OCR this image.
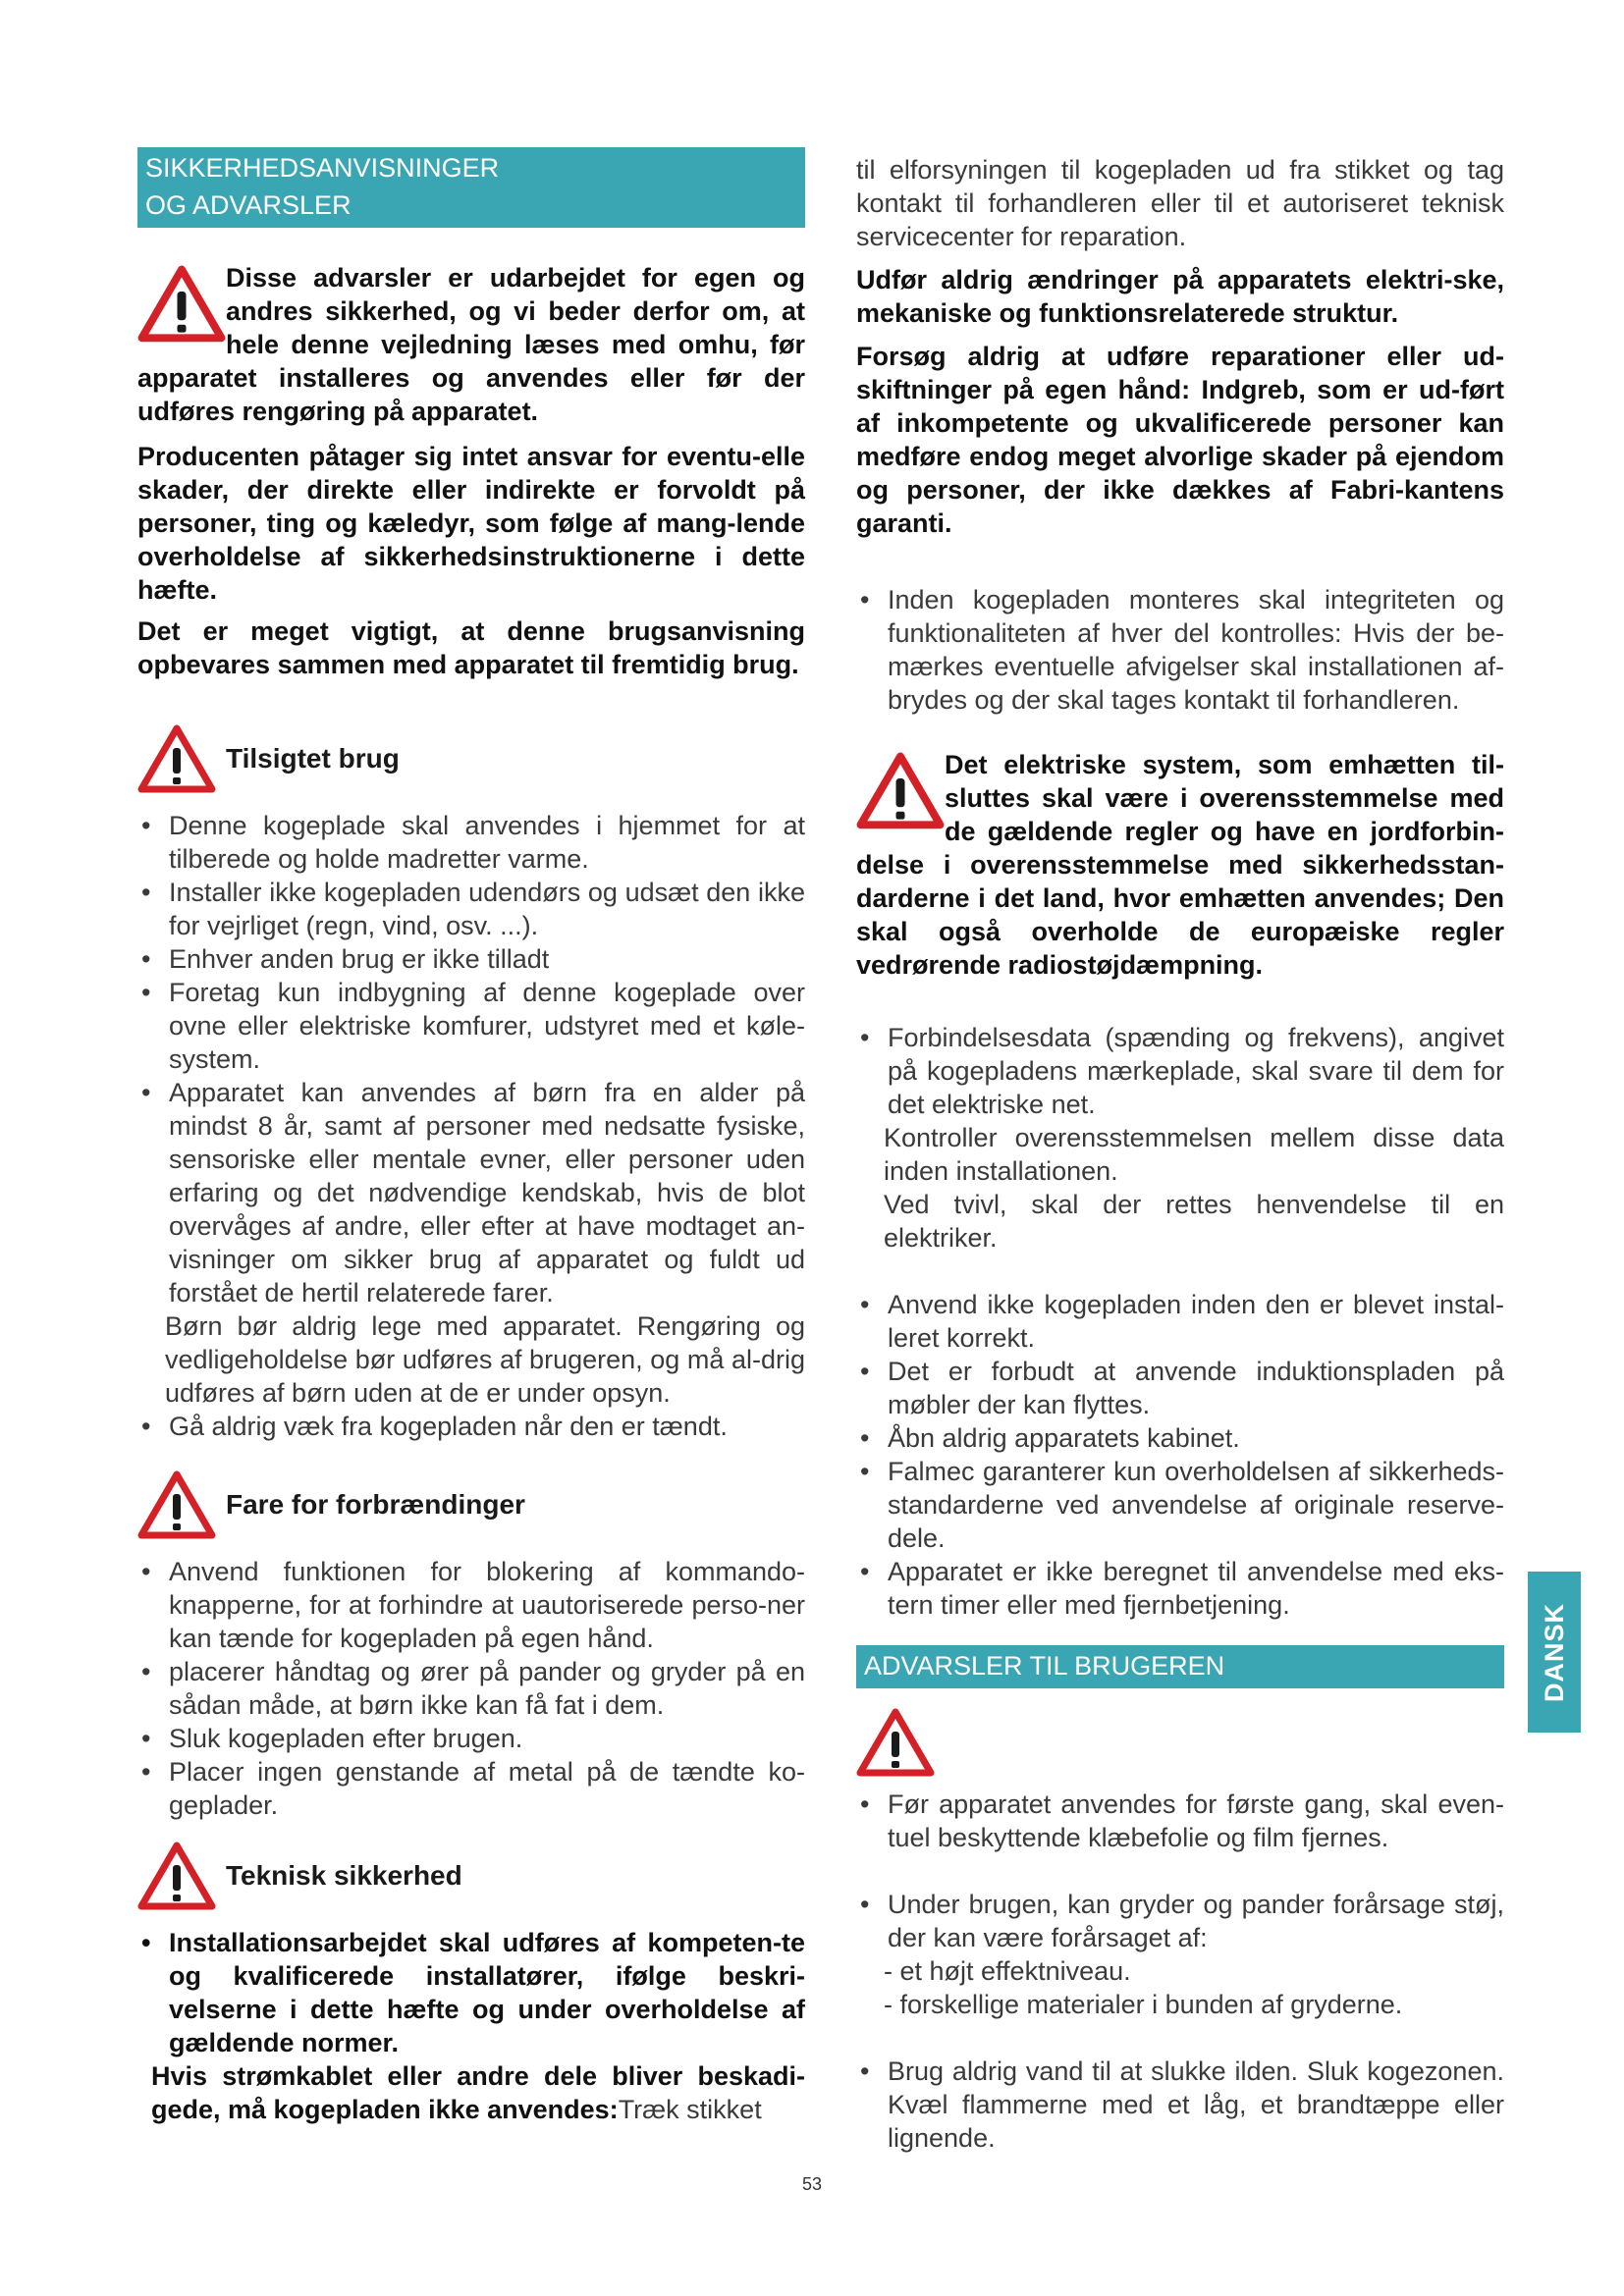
SIKKERHEDSANVISNINGER
OG ADVARSLER

Disse advarsler er udarbejdet for egen og andres sikkerhed, og vi beder derfor om, at hele denne vejledning læses med omhu, før apparatet installeres og anvendes eller før der udføres rengøring på apparatet.

Producenten påtager sig intet ansvar for eventu-elle skader, der direkte eller indirekte er forvoldt på personer, ting og kæledyr, som følge af mang-lende overholdelse af sikkerhedsinstruktionerne i dette hæfte.

Det er meget vigtigt, at denne brugsanvisning opbevares sammen med apparatet til fremtidig brug.

Tilsigtet brug
• Denne kogeplade skal anvendes i hjemmet for at tilberede og holde madretter varme.
• Installer ikke kogepladen udendørs og udsæt den ikke for vejrliget (regn, vind, osv. ...).
• Enhver anden brug er ikke tilladt
• Foretag kun indbygning af denne kogeplade over ovne eller elektriske komfurer, udstyret med et køle-system.
• Apparatet kan anvendes af børn fra en alder på mindst 8 år, samt af personer med nedsatte fysiske, sensoriske eller mentale evner, eller personer uden erfaring og det nødvendige kendskab, hvis de blot overvåges af andre, eller efter at have modtaget an-visninger om sikker brug af apparatet og fuldt ud forstået de hertil relaterede farer.

Børn bør aldrig lege med apparatet. Rengøring og vedligeholdelse bør udføres af brugeren, og må al-drig udføres af børn uden at de er under opsyn.

• Gå aldrig væk fra kogepladen når den er tændt.
Fare for forbrændinger
• Anvend funktionen for blokering af kommando-knapperne, for at forhindre at uautoriserede perso-ner kan tænde for kogepladen på egen hånd.
• placerer håndtag og ører på pander og gryder på en sådan måde, at børn ikke kan få fat i dem.
• Sluk kogepladen efter brugen.
• Placer ingen genstande af metal på de tændte ko-geplader.
Teknisk sikkerhed
• Installationsarbejdet skal udføres af kompeten-te og kvalificerede installatører, ifølge beskri-velserne i dette hæfte og under overholdelse af gældende normer.

Hvis strømkablet eller andre dele bliver beskadi-gede, må kogepladen ikke anvendes:Træk stikket

til elforsyningen til kogepladen ud fra stikket og tag kontakt til forhandleren eller til et autoriseret teknisk servicecenter for reparation.

Udfør aldrig ændringer på apparatets elektri-ske, mekaniske og funktionsrelaterede struktur.

Forsøg aldrig at udføre reparationer eller ud-skiftninger på egen hånd: Indgreb, som er ud-ført af inkompetente og ukvalificerede personer kan medføre endog meget alvorlige skader på ejendom og personer, der ikke dækkes af Fabri-kantens garanti.

• Inden kogepladen monteres skal integriteten og funktionaliteten af hver del kontrolles: Hvis der be-mærkes eventuelle afvigelser skal installationen af-brydes og der skal tages kontakt til forhandleren.

Det elektriske system, som emhætten til-sluttes skal være i overensstemmelse med de gældende regler og have en jordforbin-delse i overensstemmelse med sikkerhedsstan-darderne i det land, hvor emhætten anvendes; Den skal også overholde de europæiske regler vedrørende radiostøjdæmpning.

• Forbindelsesdata (spænding og frekvens), angivet på kogepladens mærkeplade, skal svare til dem for det elektriske net.

Kontroller overensstemmelsen mellem disse data inden installationen.

Ved tvivl, skal der rettes henvendelse til en elektriker.

• Anvend ikke kogepladen inden den er blevet instal-leret korrekt.
• Det er forbudt at anvende induktionspladen på møbler der kan flyttes.
• Åbn aldrig apparatets kabinet.
• Falmec garanterer kun overholdelsen af sikkerheds-standarderne ved anvendelse af originale reserve-dele.
• Apparatet er ikke beregnet til anvendelse med eks-tern timer eller med fjernbetjening.
ADVARSLER TIL BRUGEREN
• Før apparatet anvendes for første gang, skal even-tuel beskyttende klæbefolie og film fjernes.
• Under brugen, kan gryder og pander forårsage støj, der kan være forårsaget af:

- et højt effektniveau.

- forskellige materialer i bunden af gryderne.

• Brug aldrig vand til at slukke ilden. Sluk kogezonen. Kvæl flammerne med et låg, et brandtæppe eller lignende.
DANSK
53
